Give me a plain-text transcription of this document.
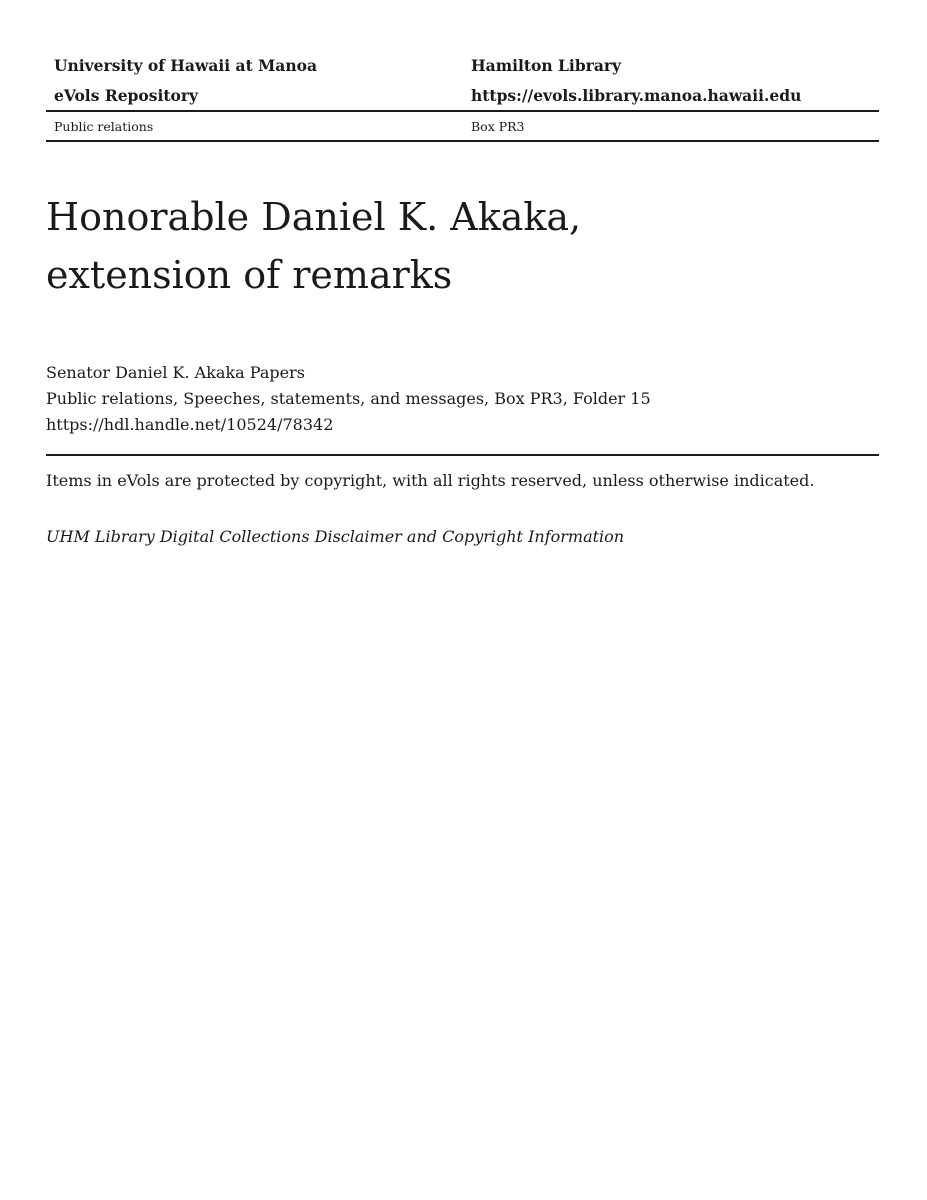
University of Hawaii at Manoa	Hamilton Library
eVols Repository	https://evols.library.manoa.hawaii.edu
Public relations	Box PR3
Honorable Daniel K. Akaka,
extension of remarks
Senator Daniel K. Akaka Papers
Public relations, Speeches, statements, and messages, Box PR3, Folder 15
https://hdl.handle.net/10524/78342
Items in eVols are protected by copyright, with all rights reserved, unless otherwise indicated.
UHM Library Digital Collections Disclaimer and Copyright Information
